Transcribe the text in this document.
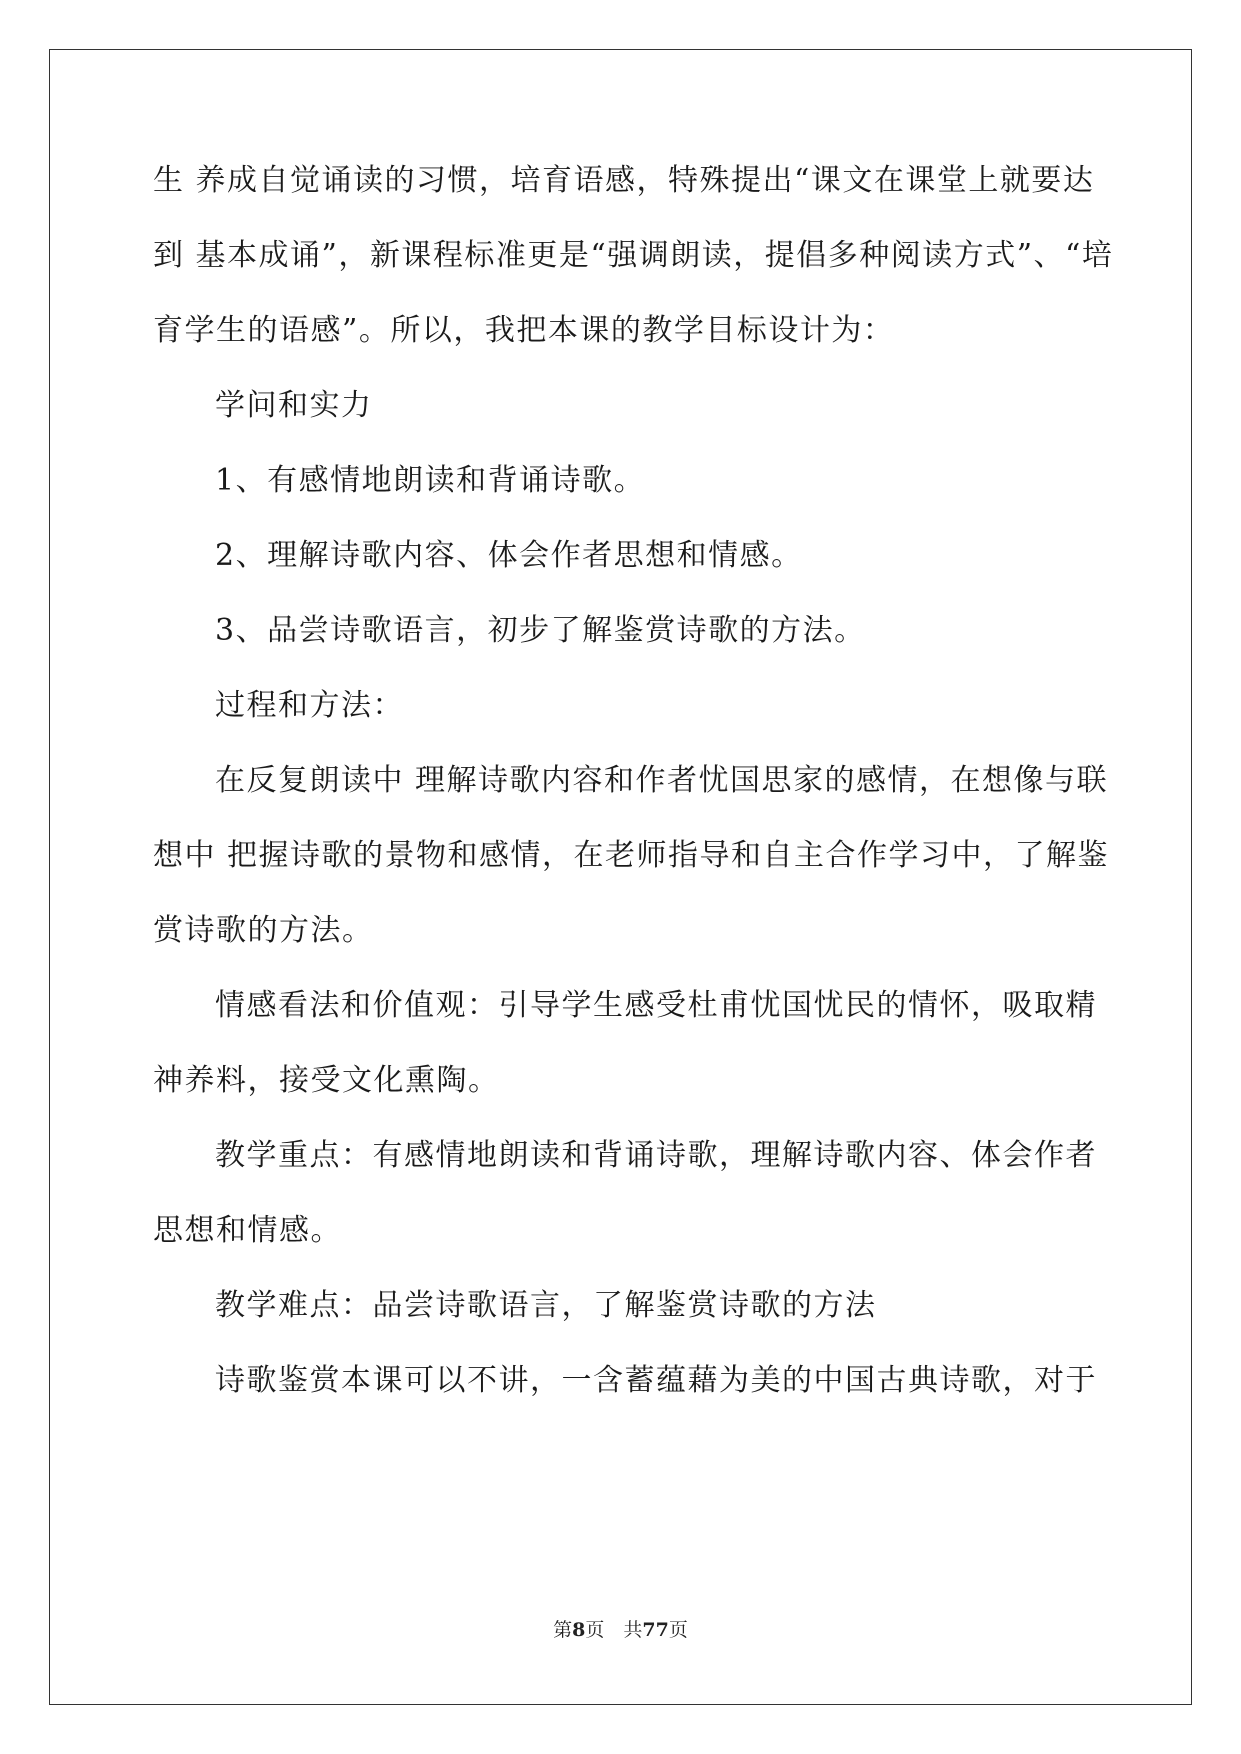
生 养成自觉诵读的习惯，培育语感，特殊提出“课文在课堂上就要达
到 基本成诵”，新课程标准更是“强调朗读，提倡多种阅读方式”、“培
育学生的语感”。所以，我把本课的教学目标设计为：
学问和实力
1、有感情地朗读和背诵诗歌。
2、理解诗歌内容、体会作者思想和情感。
3、品尝诗歌语言，初步了解鉴赏诗歌的方法。
过程和方法：
在反复朗读中 理解诗歌内容和作者忧国思家的感情，在想像与联
想中 把握诗歌的景物和感情，在老师指导和自主合作学习中，了解鉴
赏诗歌的方法。
情感看法和价值观：引导学生感受杜甫忧国忧民的情怀，吸取精
神养料，接受文化熏陶。
教学重点：有感情地朗读和背诵诗歌，理解诗歌内容、体会作者
思想和情感。
教学难点：品尝诗歌语言，了解鉴赏诗歌的方法
诗歌鉴赏本课可以不讲，一含蓄蕴藉为美的中国古典诗歌，对于
第8页　共77页
